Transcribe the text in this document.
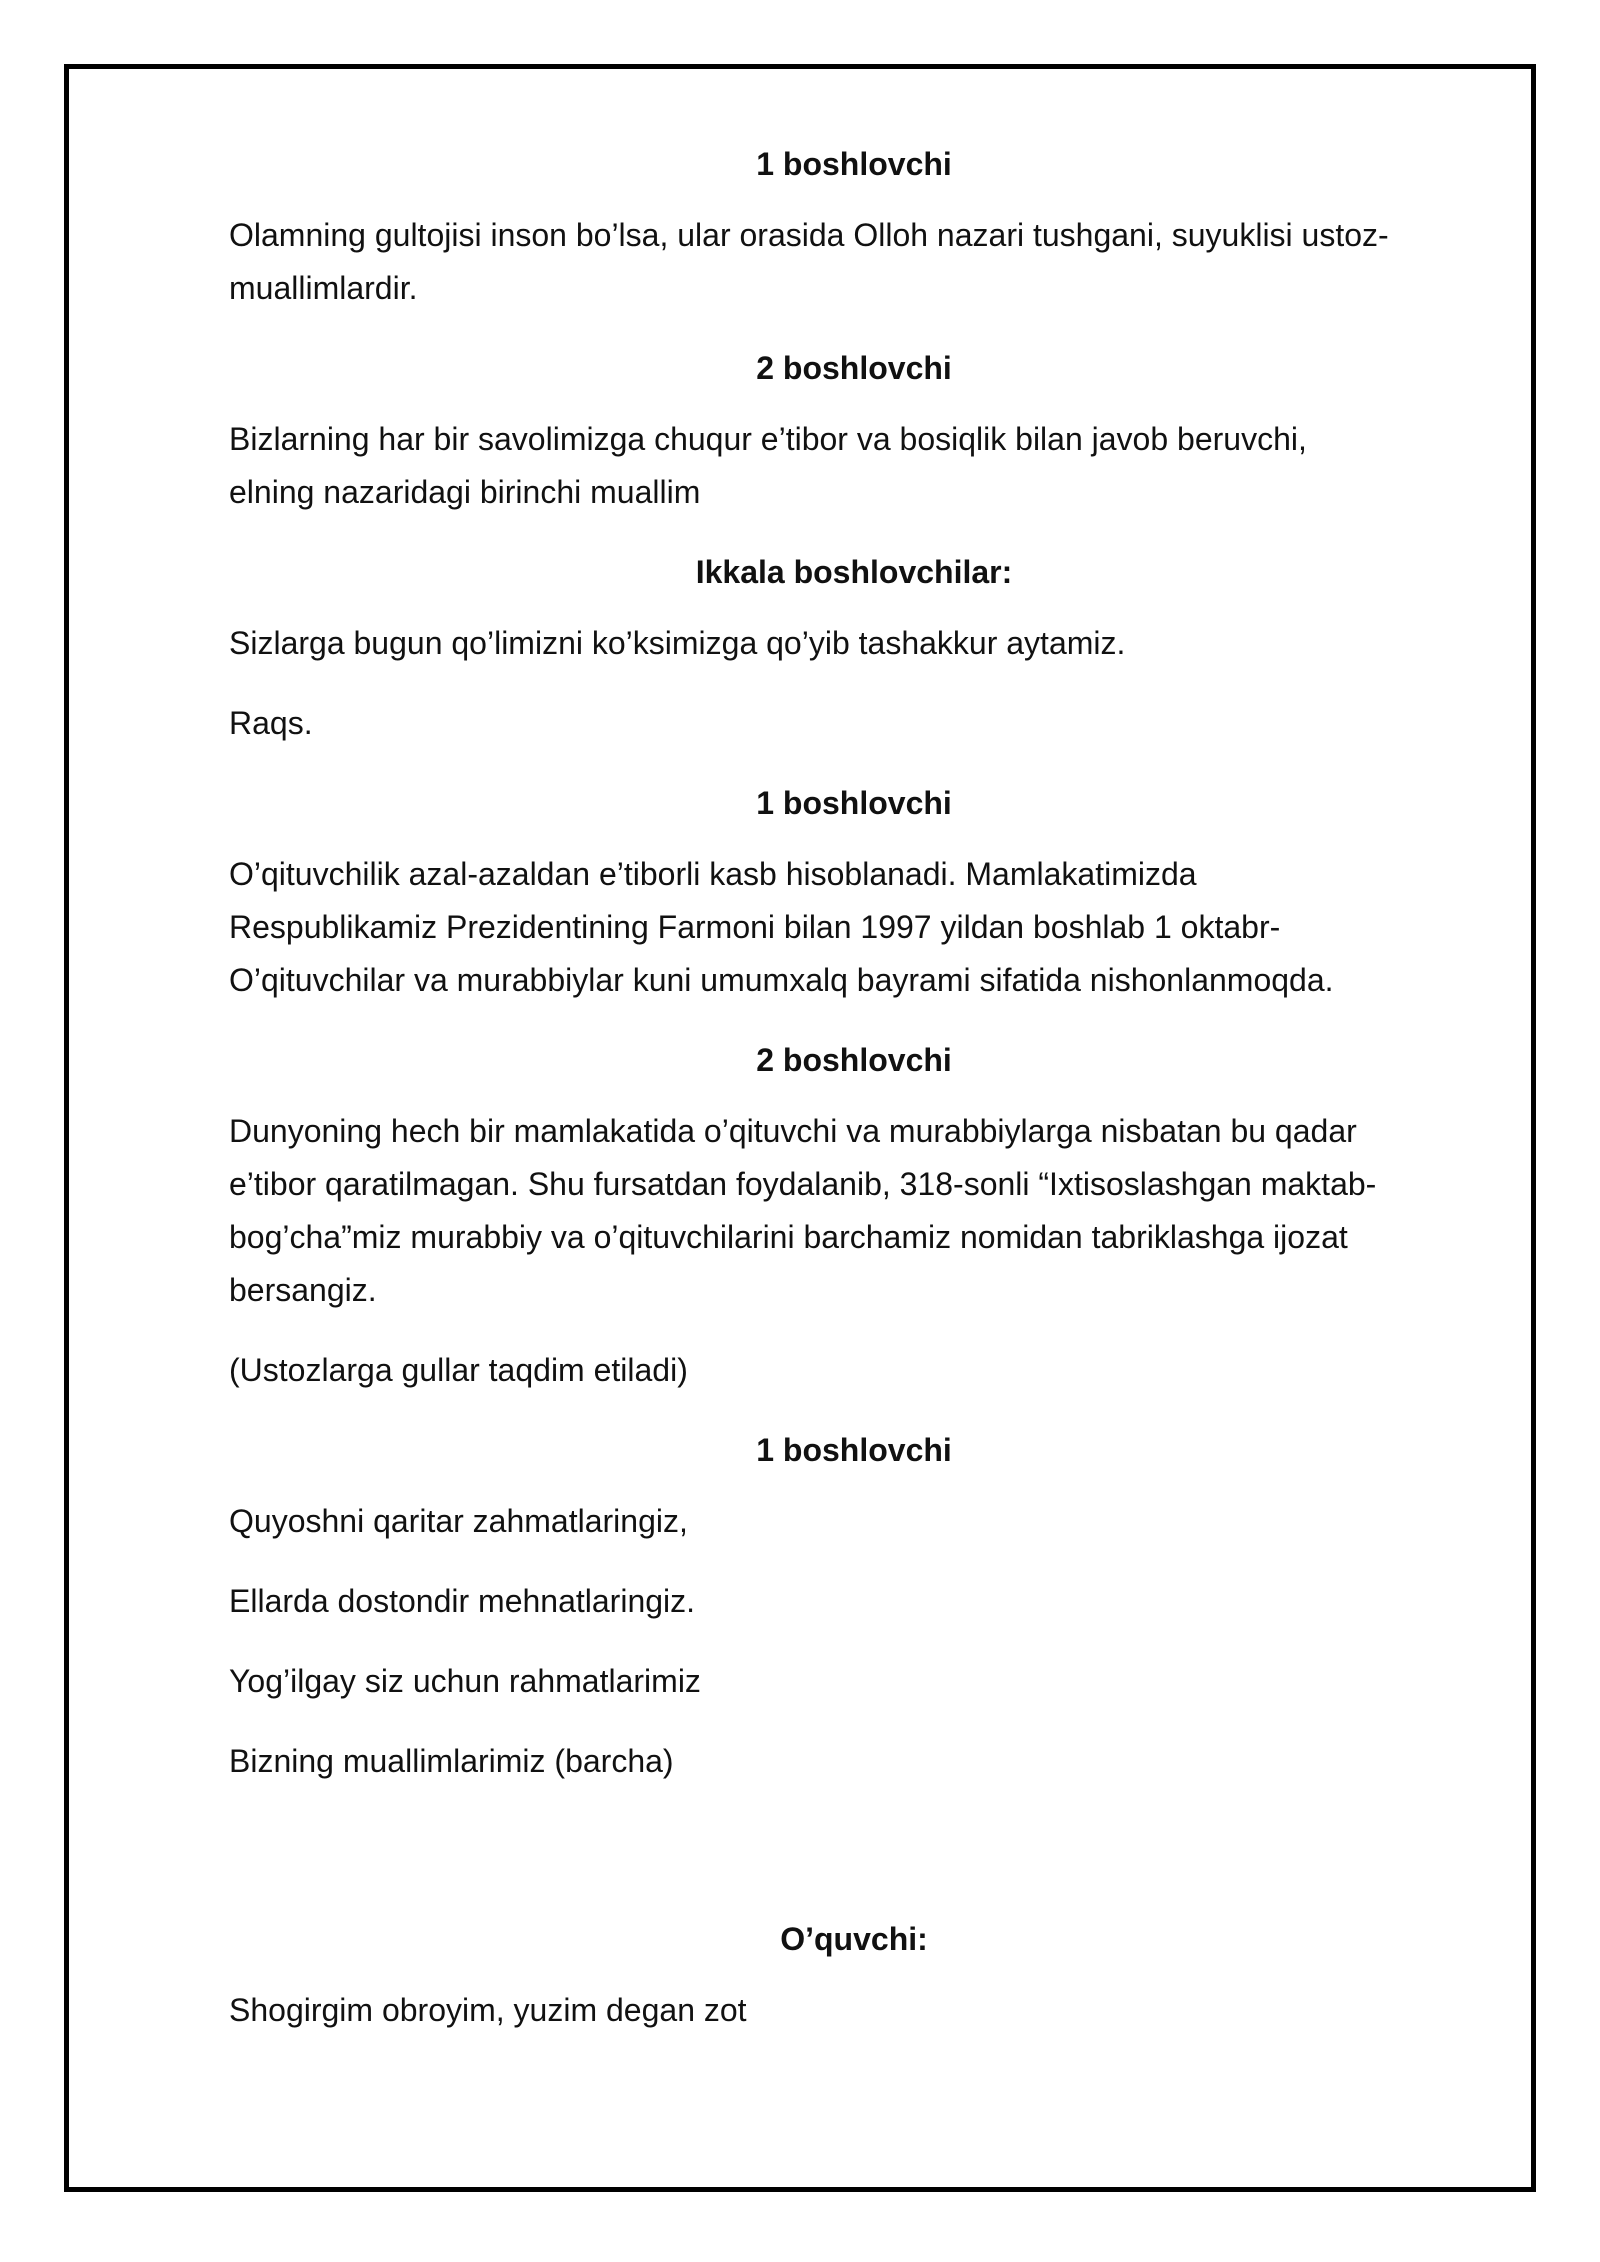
1 boshlovchi
Olamning gultojisi inson bo’lsa, ular orasida Olloh nazari tushgani, suyuklisi ustoz-
muallimlardir.
2 boshlovchi
Bizlarning har bir savolimizga chuqur e’tibor va bosiqlik bilan javob beruvchi,
elning nazaridagi birinchi muallim
Ikkala boshlovchilar:
Sizlarga bugun qo’limizni ko’ksimizga qo’yib tashakkur aytamiz.
Raqs.
1 boshlovchi
O’qituvchilik azal-azaldan e’tiborli kasb hisoblanadi. Mamlakatimizda
Respublikamiz Prezidentining Farmoni bilan 1997 yildan boshlab 1 oktabr-
O’qituvchilar va murabbiylar kuni umumxalq bayrami sifatida nishonlanmoqda.
2 boshlovchi
Dunyoning hech bir mamlakatida o’qituvchi va murabbiylarga nisbatan bu qadar
e’tibor qaratilmagan. Shu fursatdan foydalanib, 318-sonli “Ixtisoslashgan maktab-
bog’cha”miz murabbiy va o’qituvchilarini barchamiz nomidan tabriklashga ijozat
bersangiz.
(Ustozlarga gullar taqdim etiladi)
1 boshlovchi
Quyoshni qaritar zahmatlaringiz,
Ellarda dostondir mehnatlaringiz.
Yog’ilgay siz uchun rahmatlarimiz
Bizning muallimlarimiz (barcha)
O’quvchi:
Shogirgim obroyim, yuzim degan zot
